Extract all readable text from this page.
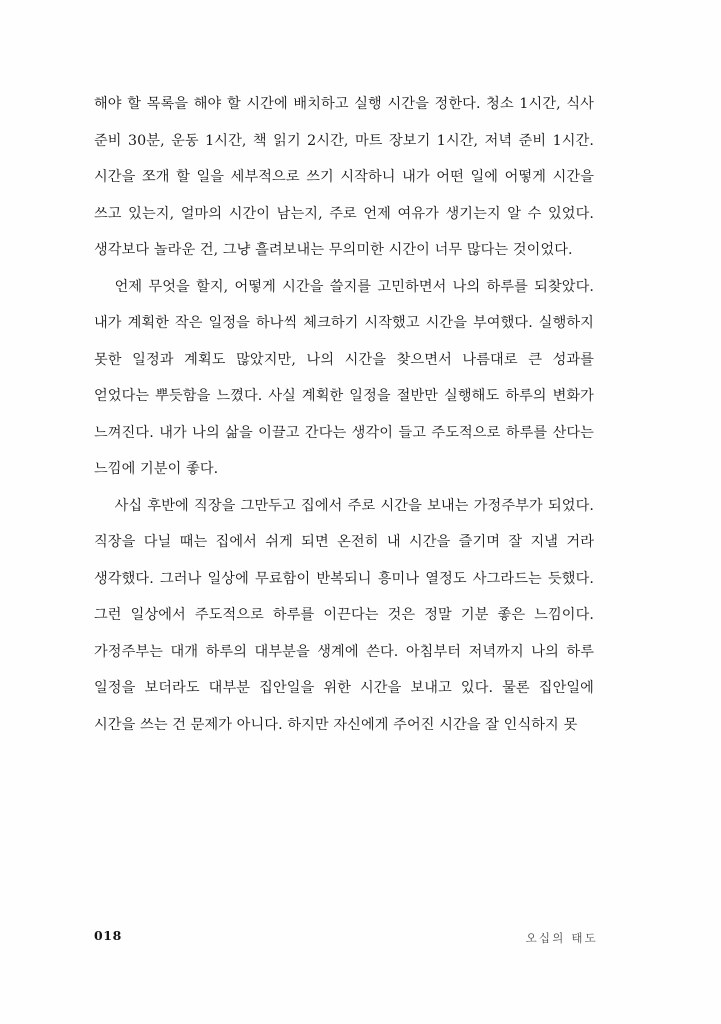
해야 할 목록을 해야 할 시간에 배치하고 실행 시간을 정한다. 청소 1시간, 식사 준비 30분, 운동 1시간, 책 읽기 2시간, 마트 장보기 1시간, 저녁 준비 1시간. 시간을 쪼개 할 일을 세부적으로 쓰기 시작하니 내가 어떤 일에 어떻게 시간을 쓰고 있는지, 얼마의 시간이 남는지, 주로 언제 여유가 생기는지 알 수 있었다. 생각보다 놀라운 건, 그냥 흘려보내는 무의미한 시간이 너무 많다는 것이었다.

언제 무엇을 할지, 어떻게 시간을 쓸지를 고민하면서 나의 하루를 되찾았다. 내가 계획한 작은 일정을 하나씩 체크하기 시작했고 시간을 부여했다. 실행하지 못한 일정과 계획도 많았지만, 나의 시간을 찾으면서 나름대로 큰 성과를 얻었다는 뿌듯함을 느꼈다. 사실 계획한 일정을 절반만 실행해도 하루의 변화가 느껴진다. 내가 나의 삶을 이끌고 간다는 생각이 들고 주도적으로 하루를 산다는 느낌에 기분이 좋다.

사십 후반에 직장을 그만두고 집에서 주로 시간을 보내는 가정주부가 되었다. 직장을 다닐 때는 집에서 쉬게 되면 온전히 내 시간을 즐기며 잘 지낼 거라 생각했다. 그러나 일상에 무료함이 반복되니 흥미나 열정도 사그라드는 듯했다. 그런 일상에서 주도적으로 하루를 이끈다는 것은 정말 기분 좋은 느낌이다. 가정주부는 대개 하루의 대부분을 생계에 쓴다. 아침부터 저녁까지 나의 하루 일정을 보더라도 대부분 집안일을 위한 시간을 보내고 있다. 물론 집안일에 시간을 쓰는 건 문제가 아니다. 하지만 자신에게 주어진 시간을 잘 인식하지 못

018	오십의 태도
